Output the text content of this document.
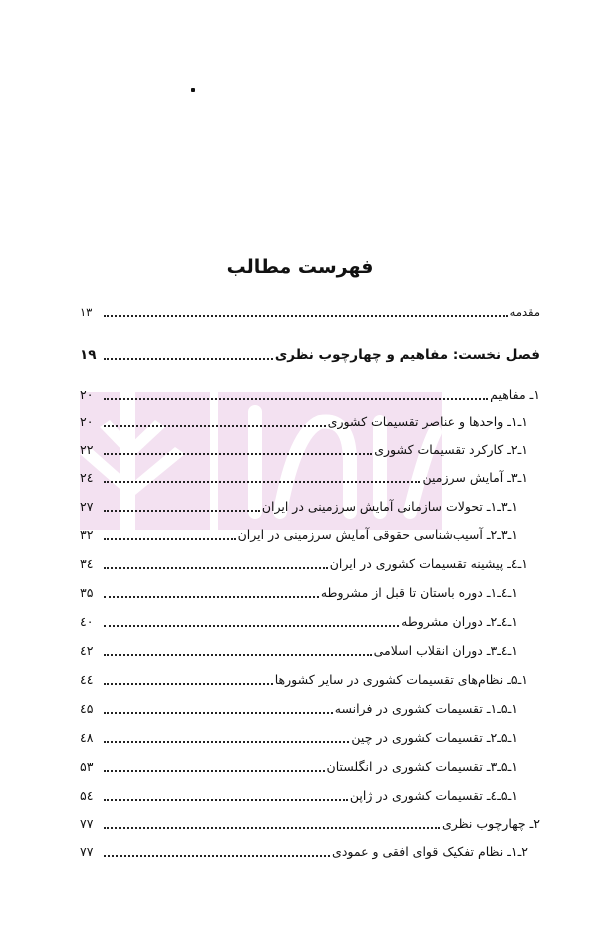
فهرست مطالب
مقدمه
۱۳
فصل نخست: مفاهیم و چهارچوب نظری
۱۹
۱ـ مفاهیم
۲۰
۱ـ۱ـ واحدها و عناصر تقسیمات کشوری
۲۰
۱ـ۲ـ کارکرد تقسیمات کشوری
۲۲
۱ـ۳ـ آمایش سرزمین
۲٤
۱ـ۳ـ۱ـ تحولات سازمانی آمایش سرزمینی در ایران
۲۷
۱ـ۳ـ۲ـ آسیب‌شناسی حقوقی آمایش سرزمینی در ایران
۳۲
۱ـ٤ـ پیشینه تقسیمات کشوری در ایران
۳٤
۱ـ٤ـ۱ـ دوره باستان تا قبل از مشروطه
۳۵
۱ـ٤ـ۲ـ دوران مشروطه
٤۰
۱ـ٤ـ۳ـ دوران انقلاب اسلامی
٤۲
۱ـ۵ـ نظام‌های تقسیمات کشوری در سایر کشورها
٤٤
۱ـ۵ـ۱ـ تقسیمات کشوری در فرانسه
٤۵
۱ـ۵ـ۲ـ تقسیمات کشوری در چین
٤۸
۱ـ۵ـ۳ـ تقسیمات کشوری در انگلستان
۵۳
۱ـ۵ـ٤ـ تقسیمات کشوری در ژاپن
۵٤
۲ـ چهارچوب نظری
۷۷
۲ـ۱ـ نظام تفکیک قوای افقی و عمودی
۷۷
